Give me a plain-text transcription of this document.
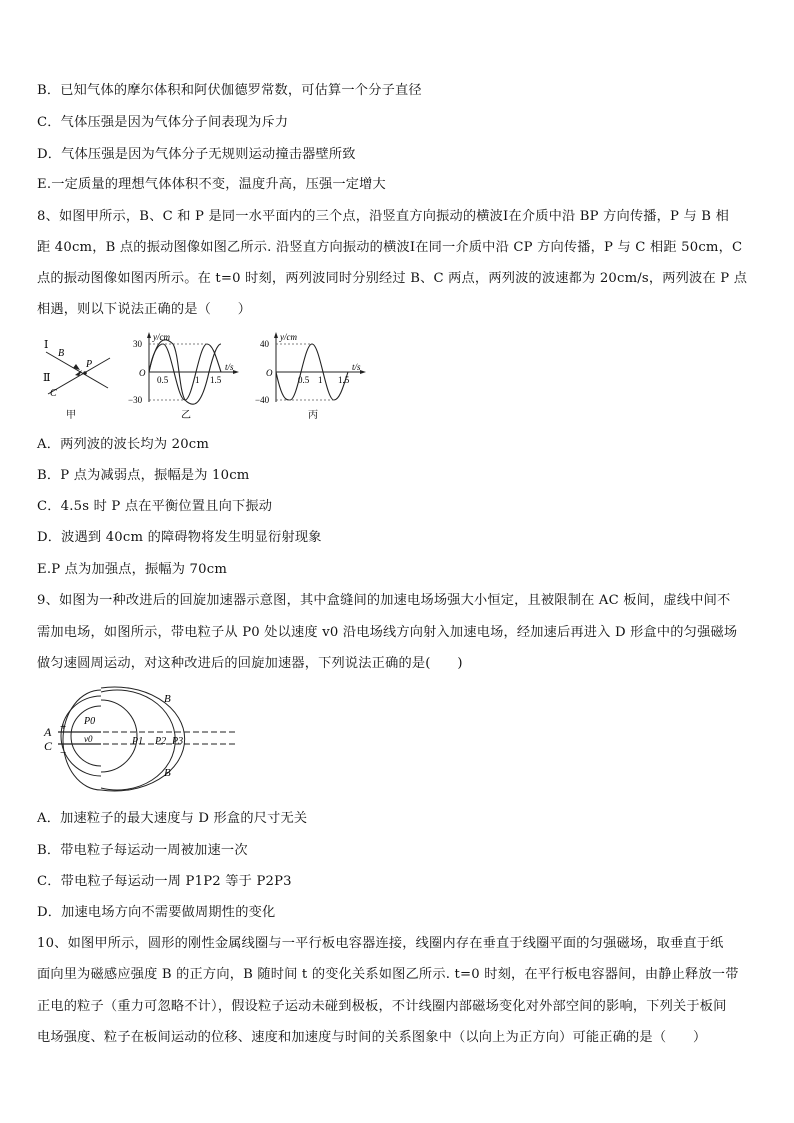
B．已知气体的摩尔体积和阿伏伽德罗常数，可估算一个分子直径
C．气体压强是因为气体分子间表现为斥力
D．气体压强是因为气体分子无规则运动撞击器壁所致
E.一定质量的理想气体体积不变，温度升高，压强一定增大
8、如图甲所示，B、C 和 P 是同一水平面内的三个点，沿竖直方向振动的横波Ⅰ在介质中沿 BP 方向传播，P 与 B 相
距 40cm，B 点的振动图像如图乙所示. 沿竖直方向振动的横波Ⅰ在同一介质中沿 CP 方向传播，P 与 C 相距 50cm，C
点的振动图像如图丙所示。在 t=0 时刻，两列波同时分别经过 B、C 两点，两列波的波速都为 20cm/s，两列波在 P 点
相遇，则以下说法正确的是（　　）
Ⅰ
B
P
Ⅱ
C
甲
y/cm
t/s
30
−30
O
0.5	1 1.5
乙
y/cm
t/s
40
−40
O
0.5 1 1.5
丙
A．两列波的波长均为 20cm
B．P 点为减弱点，振幅是为 10cm
C．4.5s 时 P 点在平衡位置且向下振动
D．波遇到 40cm 的障碍物将发生明显衍射现象
E.P 点为加强点，振幅为 70cm
9、如图为一种改进后的回旋加速器示意图，其中盒缝间的加速电场场强大小恒定，且被限制在 AC 板间，虚线中间不
需加电场，如图所示，带电粒子从 P0 处以速度 v0 沿电场线方向射入加速电场，经加速后再进入 D 形盒中的匀强磁场
做匀速圆周运动，对这种改进后的回旋加速器，下列说法正确的是(　　)
A
C
+
−
P0
v0	P1 P2 P3
B
B
A．加速粒子的最大速度与 D 形盒的尺寸无关
B．带电粒子每运动一周被加速一次
C．带电粒子每运动一周 P1P2 等于 P2P3
D．加速电场方向不需要做周期性的变化
10、如图甲所示，圆形的刚性金属线圈与一平行板电容器连接，线圈内存在垂直于线圈平面的匀强磁场，取垂直于纸
面向里为磁感应强度 B 的正方向，B 随时间 t 的变化关系如图乙所示. t=0 时刻，在平行板电容器间，由静止释放一带
正电的粒子（重力可忽略不计），假设粒子运动未碰到极板，不计线圈内部磁场变化对外部空间的影响，下列关于板间
电场强度、粒子在板间运动的位移、速度和加速度与时间的关系图象中（以向上为正方向）可能正确的是（　　）
